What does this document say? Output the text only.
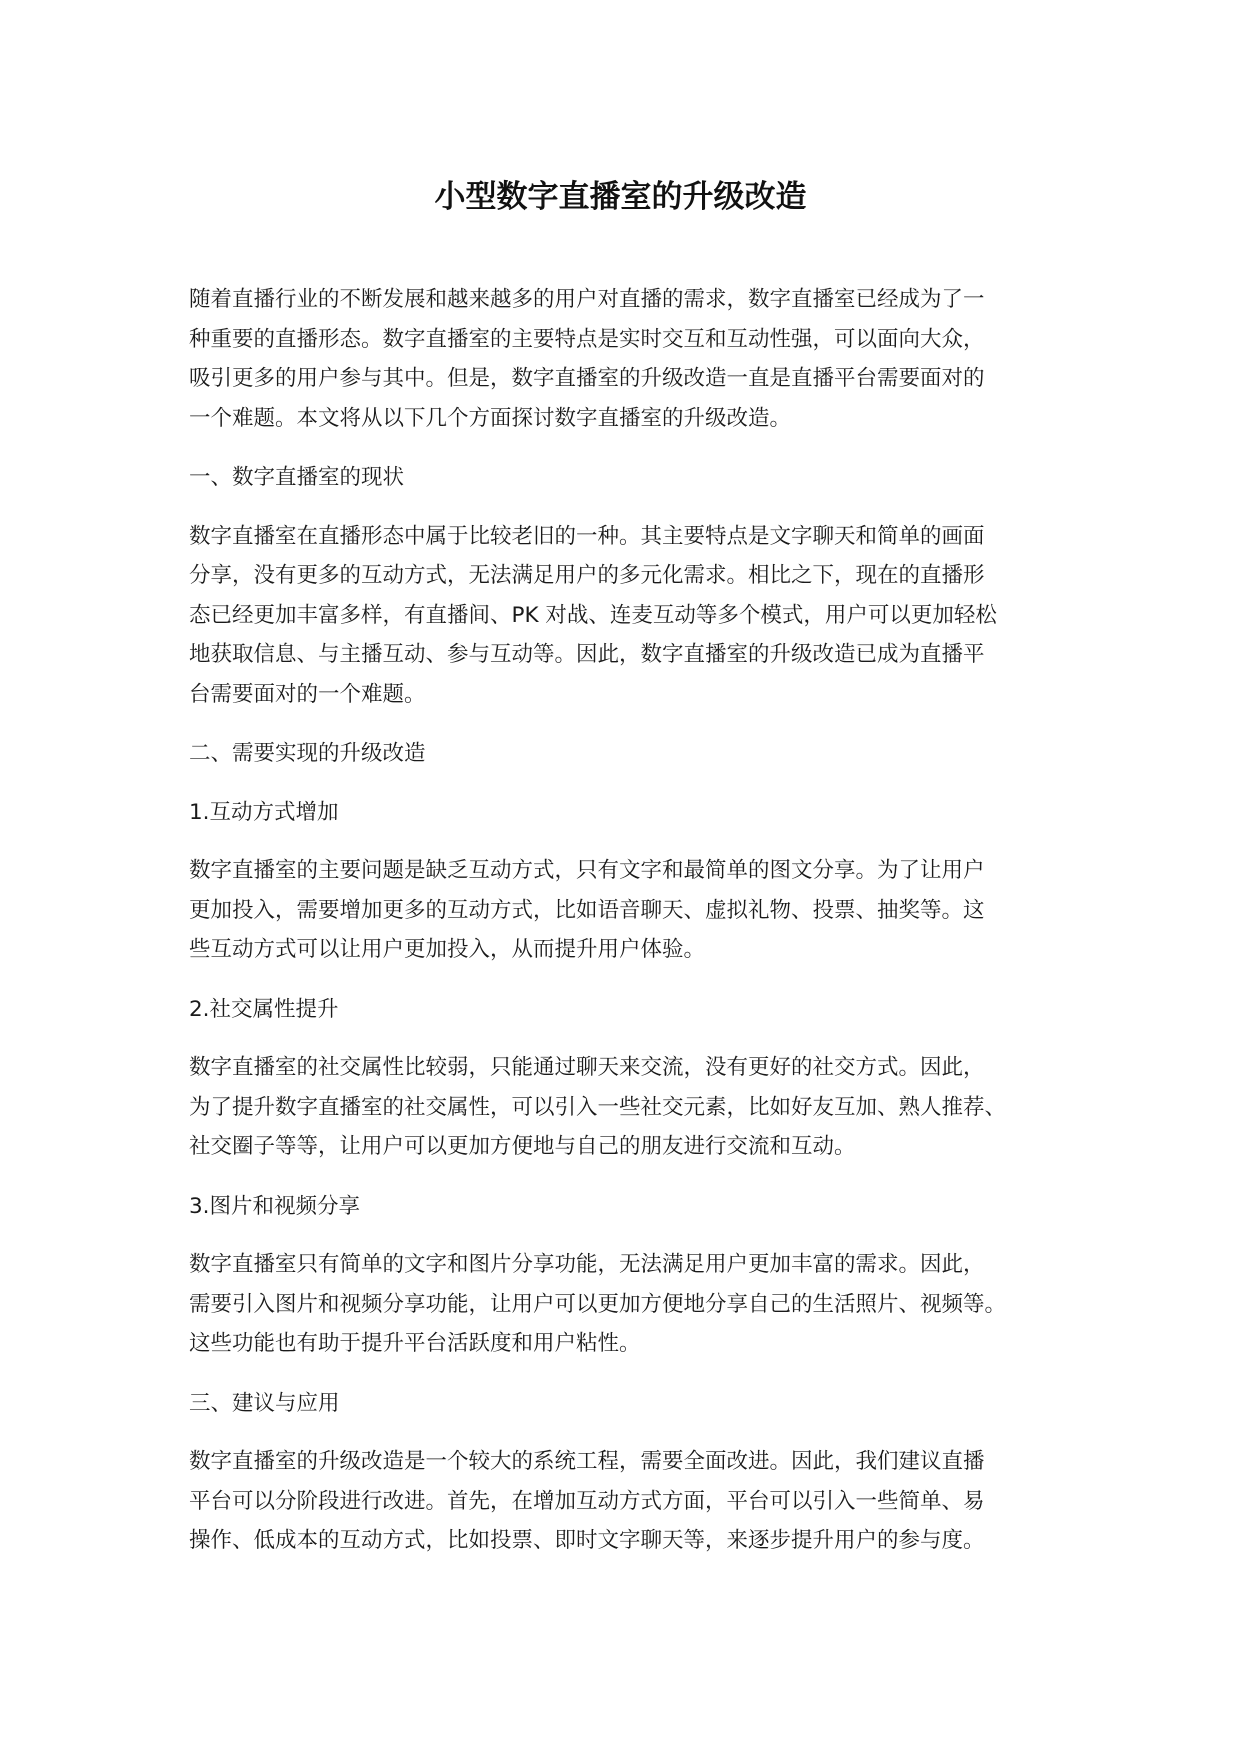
小型数字直播室的升级改造

随着直播行业的不断发展和越来越多的用户对直播的需求，数字直播室已经成为了一
种重要的直播形态。数字直播室的主要特点是实时交互和互动性强，可以面向大众，
吸引更多的用户参与其中。但是，数字直播室的升级改造一直是直播平台需要面对的
一个难题。本文将从以下几个方面探讨数字直播室的升级改造。

一、数字直播室的现状

数字直播室在直播形态中属于比较老旧的一种。其主要特点是文字聊天和简单的画面
分享，没有更多的互动方式，无法满足用户的多元化需求。相比之下，现在的直播形
态已经更加丰富多样，有直播间、PK 对战、连麦互动等多个模式，用户可以更加轻松
地获取信息、与主播互动、参与互动等。因此，数字直播室的升级改造已成为直播平
台需要面对的一个难题。

二、需要实现的升级改造

1.互动方式增加

数字直播室的主要问题是缺乏互动方式，只有文字和最简单的图文分享。为了让用户
更加投入，需要增加更多的互动方式，比如语音聊天、虚拟礼物、投票、抽奖等。这
些互动方式可以让用户更加投入，从而提升用户体验。

2.社交属性提升

数字直播室的社交属性比较弱，只能通过聊天来交流，没有更好的社交方式。因此，
为了提升数字直播室的社交属性，可以引入一些社交元素，比如好友互加、熟人推荐、
社交圈子等等，让用户可以更加方便地与自己的朋友进行交流和互动。

3.图片和视频分享

数字直播室只有简单的文字和图片分享功能，无法满足用户更加丰富的需求。因此，
需要引入图片和视频分享功能，让用户可以更加方便地分享自己的生活照片、视频等。
这些功能也有助于提升平台活跃度和用户粘性。

三、建议与应用

数字直播室的升级改造是一个较大的系统工程，需要全面改进。因此，我们建议直播
平台可以分阶段进行改进。首先，在增加互动方式方面，平台可以引入一些简单、易
操作、低成本的互动方式，比如投票、即时文字聊天等，来逐步提升用户的参与度。
